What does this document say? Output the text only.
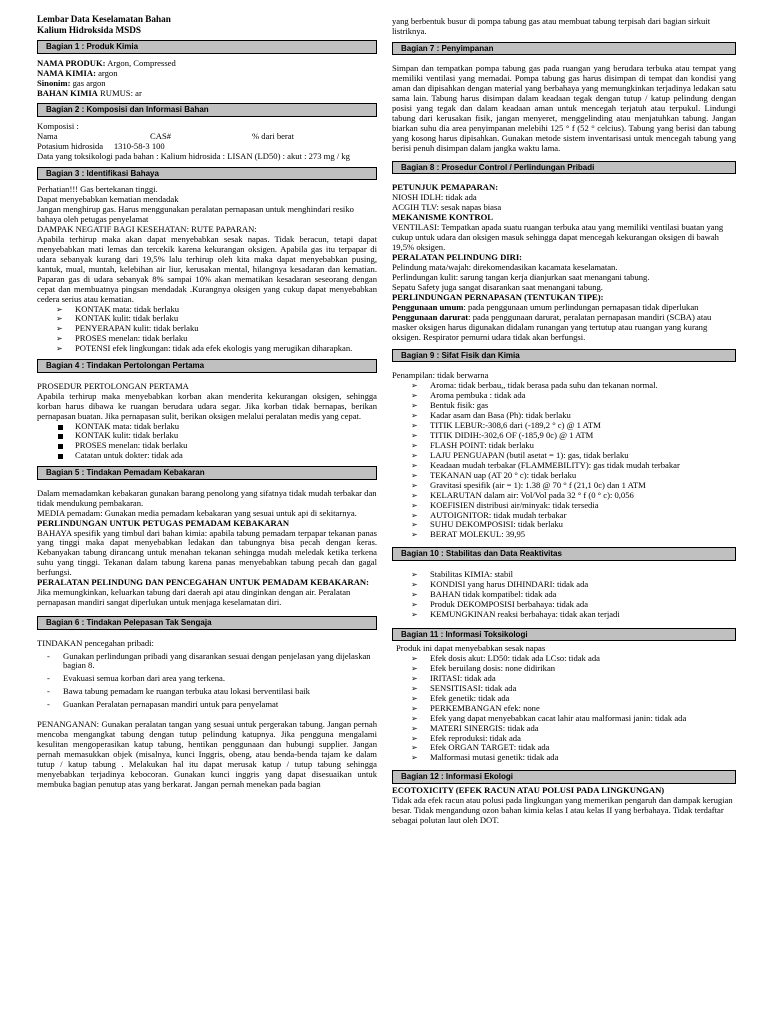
Lembar Data Keselamatan Bahan

Kalium Hidroksida MSDS

Bagian 1 : Produk Kimia

NAMA PRODUK: Argon, Compressed

NAMA KIMIA: argon

Sinonim: gas argon

BAHAN KIMIA RUMUS: ar

Bagian 2 : Komposisi dan Informasi Bahan

Komposisi :

Nama	CAS#	% dari berat

Potasium hidrosida 1310-58-3 100

Data yang toksikologi pada bahan : Kalium hidrosida : LISAN (LD50) : akut : 273 mg / kg

Bagian 3 : Identifikasi Bahaya

Perhatian!!! Gas bertekanan tinggi.

Dapat menyebabkan kematian mendadak

Jangan menghirup gas. Harus menggunakan peralatan pernapasan untuk menghindari resiko bahaya oleh petugas penyelamat

DAMPAK NEGATIF BAGI KESEHATAN: RUTE PAPARAN:

Apabila terhirup maka akan dapat menyebabkan sesak napas. Tidak beracun, tetapi dapat menyebabkan mati lemas dan tercekik karena kekurangan oksigen. Apabila gas itu terpapar di udara sebanyak kurang dari 19,5% lalu terhirup oleh kita maka dapat menyebabkan pusing, kantuk, mual, muntah, kelebihan air liur, kerusakan mental, hilangnya kesadaran dan kematian. Paparan gas di udara sebanyak 8% sampai 10% akan mematikan kesadaran seseorang dengan cepat dan membuatnya pingsan mendadak .Kurangnya oksigen yang cukup dapat menyebabkan cedera serius atau kematian.

➢ KONTAK mata: tidak berlaku
➢ KONTAK kulit: tidak berlaku
➢ PENYERAPAN kulit: tidak berlaku
➢ PROSES menelan: tidak berlaku
➢ POTENSI efek lingkungan: tidak ada efek ekologis yang merugikan diharapkan.
Bagian 4 : Tindakan Pertolongan Pertama

PROSEDUR PERTOLONGAN PERTAMA

Apabila terhirup maka menyebabkan korban akan menderita kekurangan oksigen, sehingga korban harus dibawa ke ruangan berudara udara segar. Jika korban tidak bernapas, berikan pernapasan buatan. Jika pernapasan sulit, berikan oksigen melalui peralatan medis yang cepat.

KONTAK mata: tidak berlaku
KONTAK kulit: tidak berlaku
PROSES menelan: tidak berlaku
Catatan untuk dokter: tidak ada
Bagian 5 : Tindakan Pemadam Kebakaran

Dalam memadamkan kebakaran gunakan barang penolong yang sifatnya tidak mudah terbakar dan tidak mendukung pembakaran.

MEDIA pemadam: Gunakan media pemadam kebakaran yang sesuai untuk api di sekitarnya.

PERLINDUNGAN UNTUK PETUGAS PEMADAM KEBAKARAN

BAHAYA spesifik yang timbul dari bahan kimia: apabila tabung pemadam terpapar tekanan panas yang tinggi maka dapat menyebabkan ledakan dan tabungnya bisa pecah dengan keras. Kebanyakan tabung dirancang untuk menahan tekanan sehingga mudah meledak ketika terkena suhu yang tinggi. Tekanan dalam tabung karena panas menyebabkan tabung pecah dan gagal berfungsi.

PERALATAN PELINDUNG DAN PENCEGAHAN UNTUK PEMADAM KEBAKARAN:

Jika memungkinkan, keluarkan tabung dari daerah api atau dinginkan dengan air. Peralatan pernapasan mandiri sangat diperlukan untuk menjaga keselamatan diri.

Bagian 6 : Tindakan Pelepasan Tak Sengaja

TINDAKAN pencegahan pribadi:

- Gunakan perlindungan pribadi yang disarankan sesuai dengan penjelasan yang dijelaskan bagian 8.
- Evakuasi semua korban dari area yang terkena.
- Bawa tabung pemadam ke ruangan terbuka atau lokasi berventilasi baik
- Guankan Peralatan pernapasan mandiri untuk para penyelamat

PENANGANAN: Gunakan peralatan tangan yang sesuai untuk pergerakan tabung. Jangan pernah mencoba mengangkat tabung dengan tutup pelindung katupnya. Jika pengguna mengalami kesulitan mengoperasikan katup tabung, hentikan penggunaan dan hubungi supplier. Jangan pernah memasukkan objek (misalnya, kunci Inggris, obeng, atau benda-benda tajam ke dalam tutup / katup tabung . Melakukan hal itu dapat merusak katup / tutup tabung sehingga menyebabkan terjadinya kebocoran. Gunakan kunci inggris yang dapat disesuaikan untuk membuka bagian penutup atas yang berkarat. Jangan pernah menekan pada bagian

yang berbentuk busur di pompa tabung gas atau membuat tabung terpisah dari bagian sirkuit listriknya.

Bagian 7 : Penyimpanan

Simpan dan tempatkan pompa tabung gas pada ruangan yang berudara terbuka atau tempat yang memiliki ventilasi yang memadai. Pompa tabung gas harus disimpan di tempat dan kondisi yang aman dan dipisahkan dengan material yang berbahaya yang memungkinkan terjadinya ledakan satu sama lain. Tabung harus disimpan dalam keadaan tegak dengan tutup / katup pelindung dengan posisi yang tegak dan dalam keadaan aman untuk mencegah terjatuh atau terpukul. Lindungi tabung dari kerusakan fisik, jangan menyeret, menggelinding atau menjatuhkan tabung. Jangan biarkan suhu dia area penyimpanan melebihi 125 ° f (52 ° celcius). Tabung yang berisi dan tabung yang kosong harus dipisahkan. Gunakan metode sistem inventarisasi untuk mencegah tabung yang berisi penuh disimpan dalam jangka waktu lama.

Bagian 8 : Prosedur Control / Perlindungan Pribadi

PETUNJUK PEMAPARAN:

NIOSH IDLH: tidak ada

ACGIH TLV: sesak napas biasa

MEKANISME KONTROL

VENTILASI: Tempatkan apada suatu ruangan terbuka atau yang memiliki ventilasi buatan yang cukup untuk udara dan oksigen masuk sehingga dapat mencegah kekurangan oksigen di bawah 19,5% oksigen.

PERALATAN PELINDUNG DIRI:

Pelindung mata/wajah: direkomendasikan kacamata keselamatan.

Perlindungan kulit: sarung tangan kerja dianjurkan saat menangani tabung.

Sepatu Safety juga sangat disarankan saat menangani tabung.

PERLINDUNGAN PERNAPASAN (TENTUKAN TIPE):

Penggunaan umum: pada penggunaan umum perlindungan pernapasan tidak diperlukan

Penggunaan darurat: pada penggunaan darurat, peralatan pernapasan mandiri (SCBA) atau masker oksigen harus digunakan didalam runangan yang tertutup atau ruangan yang kurang oksigen. Respirator pemurni udara tidak akan berfungsi.

Bagian 9 : Sifat Fisik dan Kimia

Penampilan: tidak berwarna

➢ Aroma: tidak berbau,, tidak berasa pada suhu dan tekanan normal.
➢ Aroma pembuka : tidak ada
➢ Bentuk fisik: gas
➢ Kadar asam dan Basa (Ph): tidak berlaku
➢ TITIK LEBUR:-308,6 dari (-189,2 ° c) @ 1 ATM
➢ TITIK DIDIH:-302,6 OF (-185,9 0c) @ 1 ATM
➢ FLASH POINT: tidak berlaku
➢ LAJU PENGUAPAN (butil asetat = 1): gas, tidak berlaku
➢ Keadaan mudah terbakar (FLAMMEBILITY): gas tidak mudah terbakar
➢ TEKANAN uap (AT 20 ° c): tidak berlaku
➢ Gravitasi spesifik (air = 1): 1.38 @ 70 ° f (21,1 0c) dan 1 ATM
➢ KELARUTAN dalam air: Vol/Vol pada 32 ° f (0 ° c): 0,056
➢ KOEFISIEN distribusi air/minyak: tidak tersedia
➢ AUTOIGNITOR: tidak mudah terbakar
➢ SUHU DEKOMPOSISI: tidak berlaku
➢ BERAT MOLEKUL: 39,95
Bagian 10 : Stabilitas dan Data Reaktivitas
➢ Stabilitas KIMIA: stabil
➢ KONDISI yang harus DIHINDARI: tidak ada
➢ BAHAN tidak kompatibel: tidak ada
➢ Produk DEKOMPOSISI berbahaya: tidak ada
➢ KEMUNGKINAN reaksi berbahaya: tidak akan terjadi
Bagian 11 : Informasi Toksikologi

Produk ini dapat menyebabkan sesak napas

➢ Efek dosis akut: LD50: tidak ada LCso: tidak ada
➢ Efek beruilang dosis: none didirikan
➢ IRITASI: tidak ada
➢ SENSITISASI: tidak ada
➢ Efek genetik: tidak ada
➢ PERKEMBANGAN efek: none
➢ Efek yang dapat menyebabkan cacat lahir atau malformasi janin: tidak ada
➢ MATERI SINERGIS: tidak ada
➢ Efek reproduksi: tidak ada
➢ Efek ORGAN TARGET: tidak ada
➢ Malformasi mutasi genetik: tidak ada
Bagian 12 : Informasi Ekologi

ECOTOXICITY (EFEK RACUN ATAU POLUSI PADA LINGKUNGAN)

Tidak ada efek racun atau polusi pada lingkungan yang memerikan pengaruh dan dampak kerugian besar. Tidak mengandung ozon bahan kimia kelas I atau kelas II yang berbahaya. Tidak terdaftar sebagai polutan laut oleh DOT.
